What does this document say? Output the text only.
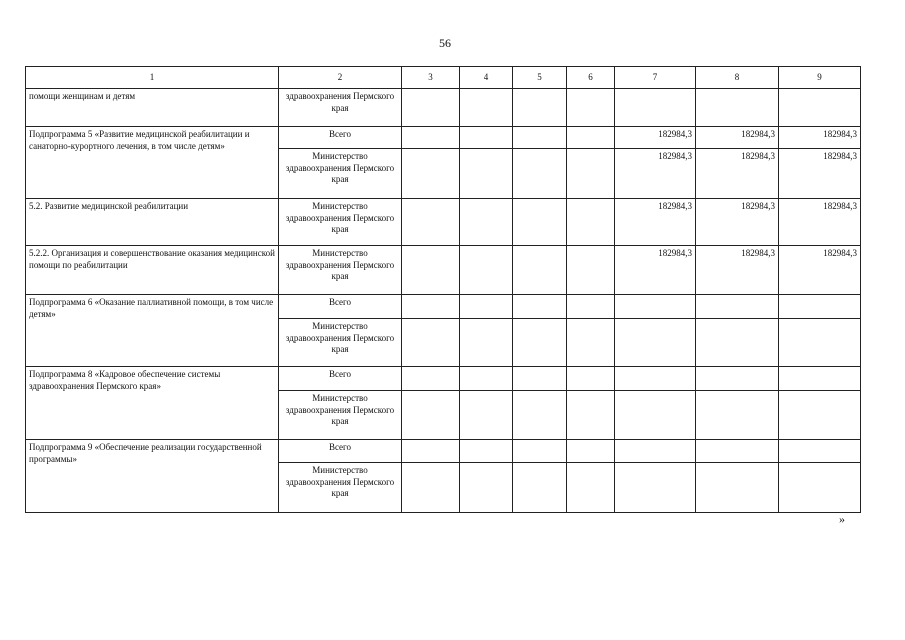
56
1	2	3	4	5	6	7	8	9
помощи женщинам и детям	здравоохранения Пермского края							
Подпрограмма 5 «Развитие медицинской реабилитации и санаторно-курортного лечения, в том числе детям»	Всего					182984,3	182984,3	182984,3
	Министерство здравоохранения Пермского края					182984,3	182984,3	182984,3
5.2. Развитие медицинской реабилитации	Министерство здравоохранения Пермского края					182984,3	182984,3	182984,3
5.2.2. Организация и совершенствование оказания медицинской помощи по реабилитации	Министерство здравоохранения Пермского края					182984,3	182984,3	182984,3
Подпрограмма 6 «Оказание паллиативной помощи, в том числе детям»	Всего							
	Министерство здравоохранения Пермского края							
Подпрограмма 8 «Кадровое обеспечение системы здравоохранения Пермского края»	Всего							
	Министерство здравоохранения Пермского края							
Подпрограмма 9 «Обеспечение реализации государственной программы»	Всего							
	Министерство здравоохранения Пермского края							
»
